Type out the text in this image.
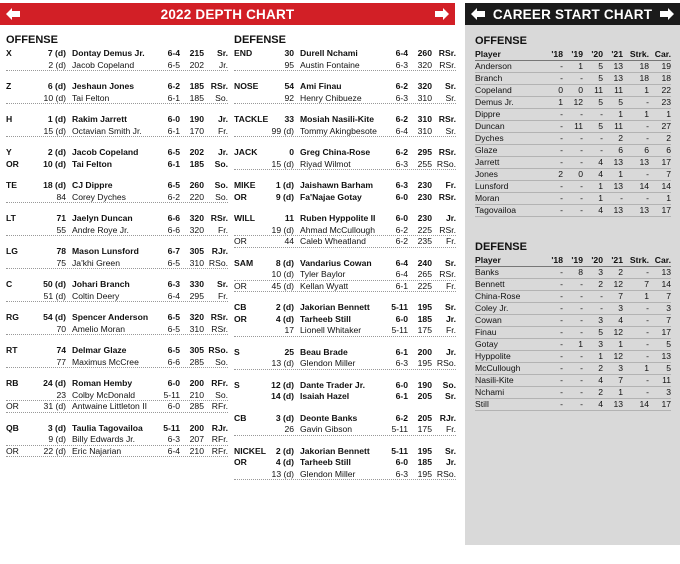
2022 DEPTH CHART	CAREER START CHART
OFFENSE
X	7 (d) Dontay Demus Jr.	6-4	215	Sr.
2 (d) Jacob Copeland	6-5	202	Jr.
Z	6 (d) Jeshaun Jones	6-2	185 RSr.
10 (d) Tai Felton	6-1	185	So.
H	1 (d) Rakim Jarrett	6-0	190	Jr.
15 (d) Octavian Smith Jr.	6-1	170	Fr.
Y	2 (d) Jacob Copeland	6-5	202	Jr.
OR	10 (d) Tai Felton	6-1	185	So.
TE	18 (d) CJ Dippre	6-5	260	So.
84 Corey Dyches	6-2	220	So.
LT	71 Jaelyn Duncan	6-6	320 RSr.
55 Andre Roye Jr.	6-6	320	Fr.
LG	78 Mason Lunsford	6-7	305 RJr.
75 Ja'khi Green	6-5	310 RSo.
C	50 (d) Johari Branch	6-3	330	Sr.
51 (d) Coltin Deery	6-4	295	Fr.
RG	54 (d) Spencer Anderson	6-5	320 RSr.
70 Amelio Moran	6-5	310 RSr.
RT	74 Delmar Glaze	6-5	305 RSo.
77 Maximus McCree	6-6	285	So.
RB	24 (d) Roman Hemby	6-0	200 RFr.
23 Colby McDonald	5-11	210	So.
OR	31 (d) Antwaine Littleton II	6-0	285 RFr.
QB	3 (d) Taulia Tagovailoa	5-11	200 RJr.
9 (d) Billy Edwards Jr.	6-3	207 RFr.
OR	22 (d) Eric Najarian	6-4	210 RFr.
DEFENSE
END	30 Durell Nchami	6-4	260 RSr.
95 Austin Fontaine	6-3	320 RSr.
NOSE	54 Ami Finau	6-2	320	Sr.
92 Henry Chibueze	6-3	310	Sr.
TACKLE	33 Mosiah Nasili-Kite	6-2	310 RSr.
99 (d) Tommy Akingbesote	6-4	310	Sr.
JACK	0 Greg China-Rose	6-2	295 RSr.
15 (d) Riyad Wilmot	6-3	255 RSo.
MIKE	1 (d) Jaishawn Barham	6-3	230	Fr.
OR	9 (d) Fa'Najae Gotay	6-0	230 RSr.
WILL	11 Ruben Hyppolite II	6-0	230	Jr.
19 (d) Ahmad McCullough	6-2	225 RSr.
OR	44 Caleb Wheatland	6-2	235	Fr.
SAM	8 (d) Vandarius Cowan	6-4	240	Sr.
10 (d) Tyler Baylor	6-4	265 RSr.
OR	45 (d) Kellan Wyatt	6-1	225	Fr.
CB	2 (d) Jakorian Bennett	5-11	195	Sr.
OR	4 (d) Tarheeb Still	6-0	185	Jr.
17 Lionell Whitaker	5-11	175	Fr.
S	25 Beau Brade	6-1	200	Jr.
13 (d) Glendon Miller	6-3	195 RSo.
S	12 (d) Dante Trader Jr.	6-0	190	So.
14 (d) Isaiah Hazel	6-1	205	Sr.
CB	3 (d) Deonte Banks	6-2	205 RJr.
26 Gavin Gibson	5-11	175	Fr.
NICKEL	2 (d) Jakorian Bennett	5-11	195	Sr.
OR	4 (d) Tarheeb Still	6-0	185	Jr.
13 (d) Glendon Miller	6-3	195 RSo.
OFFENSE
Player	'18	'19	'20	'21	Strk.	Car.
Anderson	-	1	5	13	18	19
Branch	-	-	5	13	18	18
Copeland	0	0	11	11	1	22
Demus Jr.	1	12	5	5	-	23
Dippre	-	-	-	1	1	1
Duncan	-	11	5	11	-	27
Dyches	-	-	-	2	-	2
Glaze	-	-	-	6	6	6
Jarrett	-	-	4	13	13	17
Jones	2	0	4	1	-	7
Lunsford	-	-	1	13	14	14
Moran	-	-	1	-	-	1
Tagovailoa	-	-	4	13	13	17
DEFENSE
Player	'18	'19	'20	'21	Strk.	Car.
Banks	-	8	3	2	-	13
Bennett	-	-	2	12	7	14
China-Rose	-	-	-	7	1	7
Coley Jr.	-	-	-	3	-	3
Cowan	-	-	3	4	-	7
Finau	-	-	5	12	-	17
Gotay	-	1	3	1	-	5
Hyppolite	-	-	1	12	-	13
McCullough	-	-	2	3	1	5
Nasili-Kite	-	-	4	7	-	11
Nchami	-	-	2	1	-	3
Still	-	-	4	13	14	17
